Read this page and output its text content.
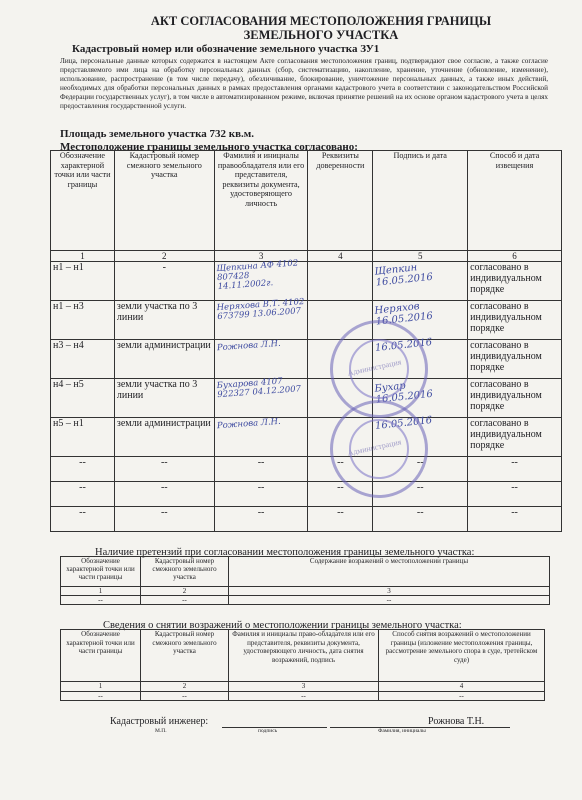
АКТ СОГЛАСОВАНИЯ МЕСТОПОЛОЖЕНИЯ ГРАНИЦЫ
ЗЕМЕЛЬНОГО УЧАСТКА
Кадастровый номер или обозначение земельного участка ЗУ1
Лица, персональные данные которых содержатся в настоящем Акте согласования местоположения границ, подтверждают свое согласие, а также согласие представляемого ими лица на обработку персональных данных (сбор, систематизацию, накопление, хранение, уточнение (обновление, изменение), использование, распространение (в том числе передачу), обезличивание, блокирование, уничтожение персональных данных, а также иных действий, необходимых для обработки персональных данных в рамках предоставления органами кадастрового учета в соответствии с законодательством Российской Федерации государственных услуг), в том числе в автоматизированном режиме, включая принятие решений на их основе органом кадастрового учета в целях предоставления государственной услуги.
Площадь земельного участка 732 кв.м.
Местоположение границы земельного участка согласовано:
Обозначение характерной точки или части границы	Кадастровый номер смежного земельного участка	Фамилия и инициалы правообладателя или его представителя, реквизиты документа, удостоверяющего личность	Реквизиты доверенности	Подпись и дата	Способ и дата извещения
1	2	3	4	5	6
н1 – н1	-	Щепкина АФ 4102 807428 14.11.2002г.		Щепкин 16.05.2016	согласовано в индивидуальном порядке
н1 – н3	земли участка по 3 линии	Неряхова В.Т. 4102 673799 13.06.2007		Неряхов 16.05.2016	согласовано в индивидуальном порядке
н3 – н4	земли администрации	Рожнова Л.Н.		16.05.2016	согласовано в индивидуальном порядке
н4 – н5	земли участка по 3 линии	Бухарова 4107 922327 04.12.2007		Бухар 16.05.2016	согласовано в индивидуальном порядке
н5 – н1	земли администрации	Рожнова Л.Н.		16.05.2016	согласовано в индивидуальном порядке
--	--	--	--	--	--
--	--	--	--	--	--
--	--	--	--	--	--
Администрация
Администрация
Наличие претензий при согласовании местоположения границы земельного участка:
Обозначение характерной точки или части границы	Кадастровый номер смежного земельного участка	Содержание возражений о местоположении границы
1	2	3
--	--	--
Сведения о снятии возражений о местоположении границы земельного участка:
Обозначение характерной точки или части границы	Кадастровый номер смежного земельного участка	Фамилия и инициалы право-обладателя или его представителя, реквизиты документа, удостоверяющего личность, дата снятия возражений, подпись	Способ снятия возражений о местоположении границы (изложение местоположения границы, рассмотрение земельного спора в суде, третейском суде)
1	2	3	4
--	--	--	--
Кадастровый инженер:	Рожнова Т.Н.
М.П.	подпись	Фамилия, инициалы
